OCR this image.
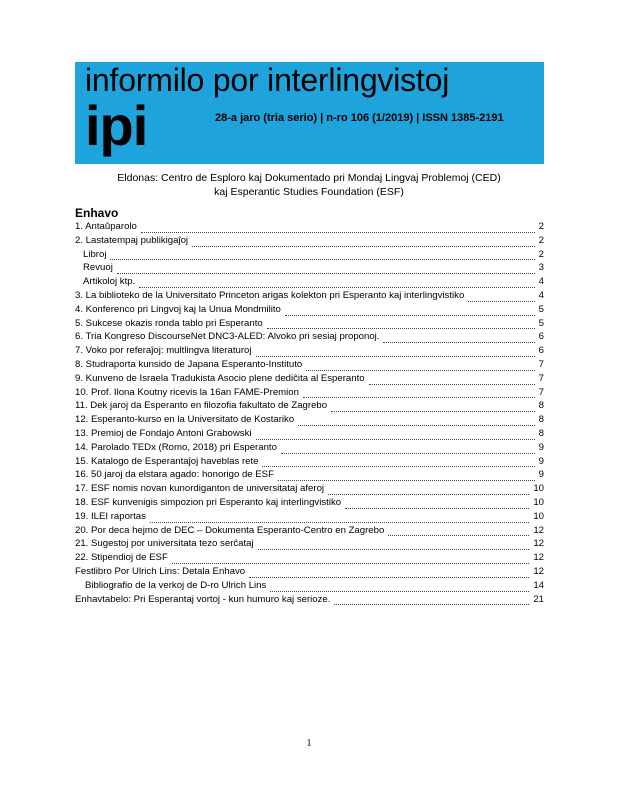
informilo por interlingvistoj
ipi	28-a jaro (tria serio) | n-ro 106 (1/2019) | ISSN 1385-2191
Eldonas: Centro de Esploro kaj Dokumentado pri Mondaj Lingvaj Problemoj (CED)
kaj Esperantic Studies Foundation (ESF)
Enhavo
1. Antaŭparolo	2
2. Lastatempaj publikigaĵoj	2
Libroj	2
Revuoj	3
Artikoloj ktp.	4
3. La biblioteko de la Universitato Princeton arigas kolekton pri Esperanto kaj interlingvistiko	4
4. Konferenco pri Lingvoj kaj la Unua Mondmilito	5
5. Sukcese okazis ronda tablo pri Esperanto	5
6. Tria Kongreso DiscourseNet DNC3-ALED: Alvoko pri sesiaj proponoj.	6
7. Voko por referaĵoj: multlingva literaturoj	6
8. Studraporta kunsido de Japana Esperanto-Instituto	7
9. Kunveno de Israela Tradukista Asocio plene dediĉita al Esperanto	7
10. Prof. Ilona Koutny ricevis la 16an FAME-Premion	7
11. Dek jaroj da Esperanto en filozofia fakultato de Zagrebo	8
12. Esperanto-kurso en la Universitato de Kostariko	8
13. Premioj de Fondajo Antoni Grabowski	8
14. Parolado TEDx (Romo, 2018) pri Esperanto	9
15. Katalogo de Esperantaĵoj haveblas rete	9
16. 50 jaroj da elstara agado: honorigo de ESF	9
17. ESF nomis novan kunordiganton de universitataj aferoj	10
18. ESF kunvenigis simpozion pri Esperanto kaj interlingvistiko	10
19. ILEI raportas	10
20. Por deca hejmo de DEC – Dokumenta Esperanto-Centro en Zagrebo	12
21. Sugestoj por universitata tezo serĉataj	12
22. Stipendioj de ESF	12
Festlibro Por Ulrich Lins: Detala Enhavo	12
Bibliografio de la verkoj de D-ro Ulrich Lins	14
Enhavtabelo: Pri Esperantaj vortoj - kun humuro kaj serioze.	21
1
